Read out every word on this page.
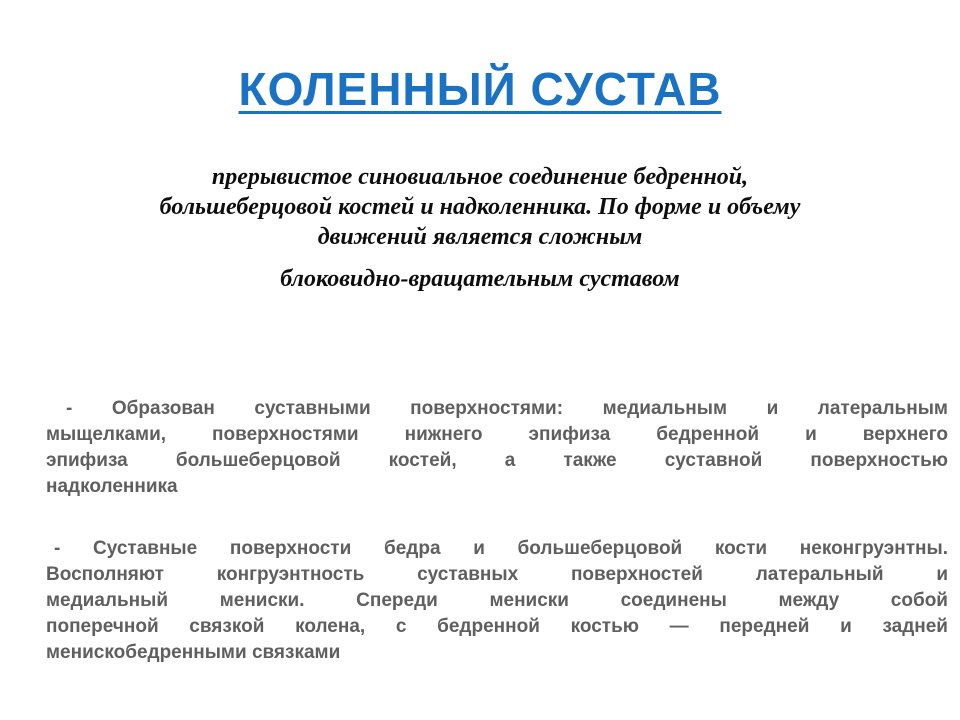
КОЛЕННЫЙ СУСТАВ
прерывистое синовиальное соединение бедренной,
большеберцовой костей и надколенника. По форме и объему
движений является сложным
блоковидно-вращательным суставом
- Образован суставными поверхностями: медиальным и латеральным
мыщелками, поверхностями нижнего эпифиза бедренной и верхнего
эпифиза большеберцовой костей, а также суставной поверхностью
надколенника
- Суставные поверхности бедра и большеберцовой кости неконгруэнтны.
Восполняют конгруэнтность суставных поверхностей латеральный и
медиальный мениски. Спереди мениски соединены между собой
поперечной связкой колена, с бедренной костью — передней и задней
менискобедренными связками
